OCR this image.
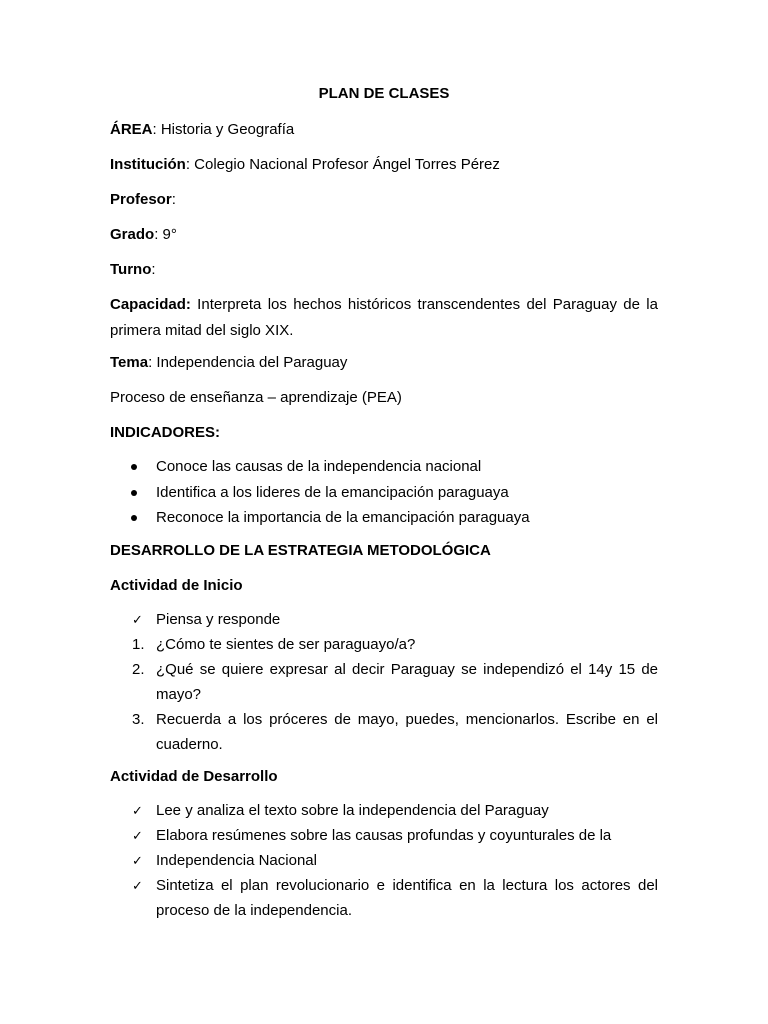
PLAN DE CLASES
ÁREA: Historia y Geografía
Institución: Colegio Nacional Profesor Ángel Torres Pérez
Profesor:
Grado: 9°
Turno:
Capacidad: Interpreta los hechos históricos transcendentes del Paraguay de la primera mitad del siglo XIX.
Tema: Independencia del Paraguay
Proceso de enseñanza – aprendizaje (PEA)
INDICADORES:
Conoce las causas de la independencia nacional
Identifica a los lideres de la emancipación paraguaya
Reconoce la importancia de la emancipación paraguaya
DESARROLLO DE LA ESTRATEGIA METODOLÓGICA
Actividad de Inicio
✓ Piensa y responde
1. ¿Cómo te sientes de ser paraguayo/a?
2. ¿Qué se quiere expresar al decir Paraguay se independizó el 14y 15 de mayo?
3. Recuerda a los próceres de mayo, puedes, mencionarlos. Escribe en el cuaderno.
Actividad de Desarrollo
✓ Lee y analiza el texto sobre la independencia del Paraguay
✓ Elabora resúmenes sobre las causas profundas y coyunturales de la
✓ Independencia Nacional
✓ Sintetiza el plan revolucionario e identifica en la lectura los actores del proceso de la independencia.
